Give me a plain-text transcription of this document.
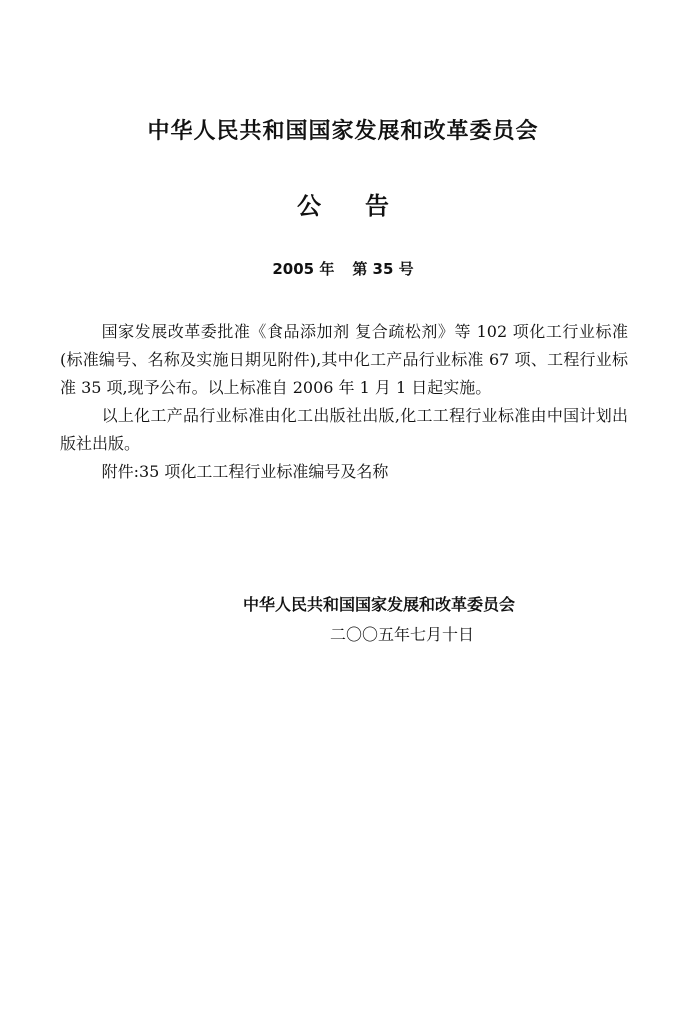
中华人民共和国国家发展和改革委员会
公 告
2005 年 第 35 号

国家发展改革委批准《食品添加剂 复合疏松剂》等 102 项化工行业标准(标准编号、名称及实施日期见附件),其中化工产品行业标准 67 项、工程行业标准 35 项,现予公布。以上标准自 2006 年 1 月 1 日起实施。

以上化工产品行业标准由化工出版社出版,化工工程行业标准由中国计划出版社出版。

附件:35 项化工工程行业标准编号及名称

中华人民共和国国家发展和改革委员会
二〇〇五年七月十日
